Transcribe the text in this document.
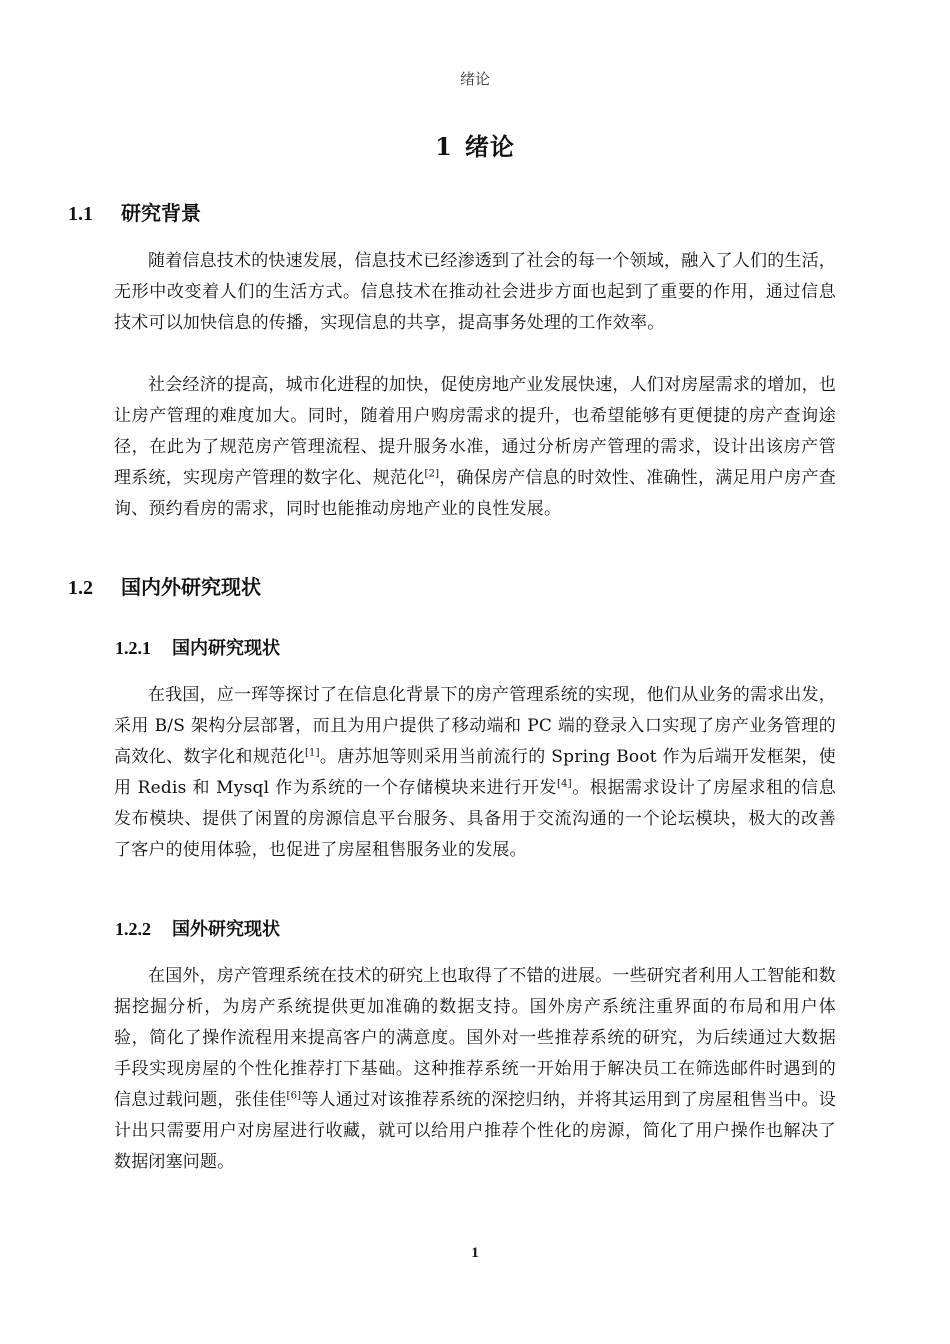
绪论
1 绪论
1.1 研究背景

随着信息技术的快速发展，信息技术已经渗透到了社会的每一个领域，融入了人们的生活，无形中改变着人们的生活方式。信息技术在推动社会进步方面也起到了重要的作用，通过信息技术可以加快信息的传播，实现信息的共享，提高事务处理的工作效率。

社会经济的提高，城市化进程的加快，促使房地产业发展快速，人们对房屋需求的增加，也让房产管理的难度加大。同时，随着用户购房需求的提升，也希望能够有更便捷的房产查询途径，在此为了规范房产管理流程、提升服务水准，通过分析房产管理的需求，设计出该房产管理系统，实现房产管理的数字化、规范化[2]，确保房产信息的时效性、准确性，满足用户房产查询、预约看房的需求，同时也能推动房地产业的良性发展。

1.2 国内外研究现状
1.2.1 国内研究现状

在我国，应一珲等探讨了在信息化背景下的房产管理系统的实现，他们从业务的需求出发，采用 B/S 架构分层部署，而且为用户提供了移动端和 PC 端的登录入口实现了房产业务管理的高效化、数字化和规范化[1]。唐苏旭等则采用当前流行的 Spring Boot 作为后端开发框架，使用 Redis 和 Mysql 作为系统的一个存储模块来进行开发[4]。根据需求设计了房屋求租的信息发布模块、提供了闲置的房源信息平台服务、具备用于交流沟通的一个论坛模块，极大的改善了客户的使用体验，也促进了房屋租售服务业的发展。

1.2.2 国外研究现状

在国外，房产管理系统在技术的研究上也取得了不错的进展。一些研究者利用人工智能和数据挖掘分析，为房产系统提供更加准确的数据支持。国外房产系统注重界面的布局和用户体验，简化了操作流程用来提高客户的满意度。国外对一些推荐系统的研究，为后续通过大数据手段实现房屋的个性化推荐打下基础。这种推荐系统一开始用于解决员工在筛选邮件时遇到的信息过载问题，张佳佳[6]等人通过对该推荐系统的深挖归纳，并将其运用到了房屋租售当中。设计出只需要用户对房屋进行收藏，就可以给用户推荐个性化的房源，简化了用户操作也解决了数据闭塞问题。

1
